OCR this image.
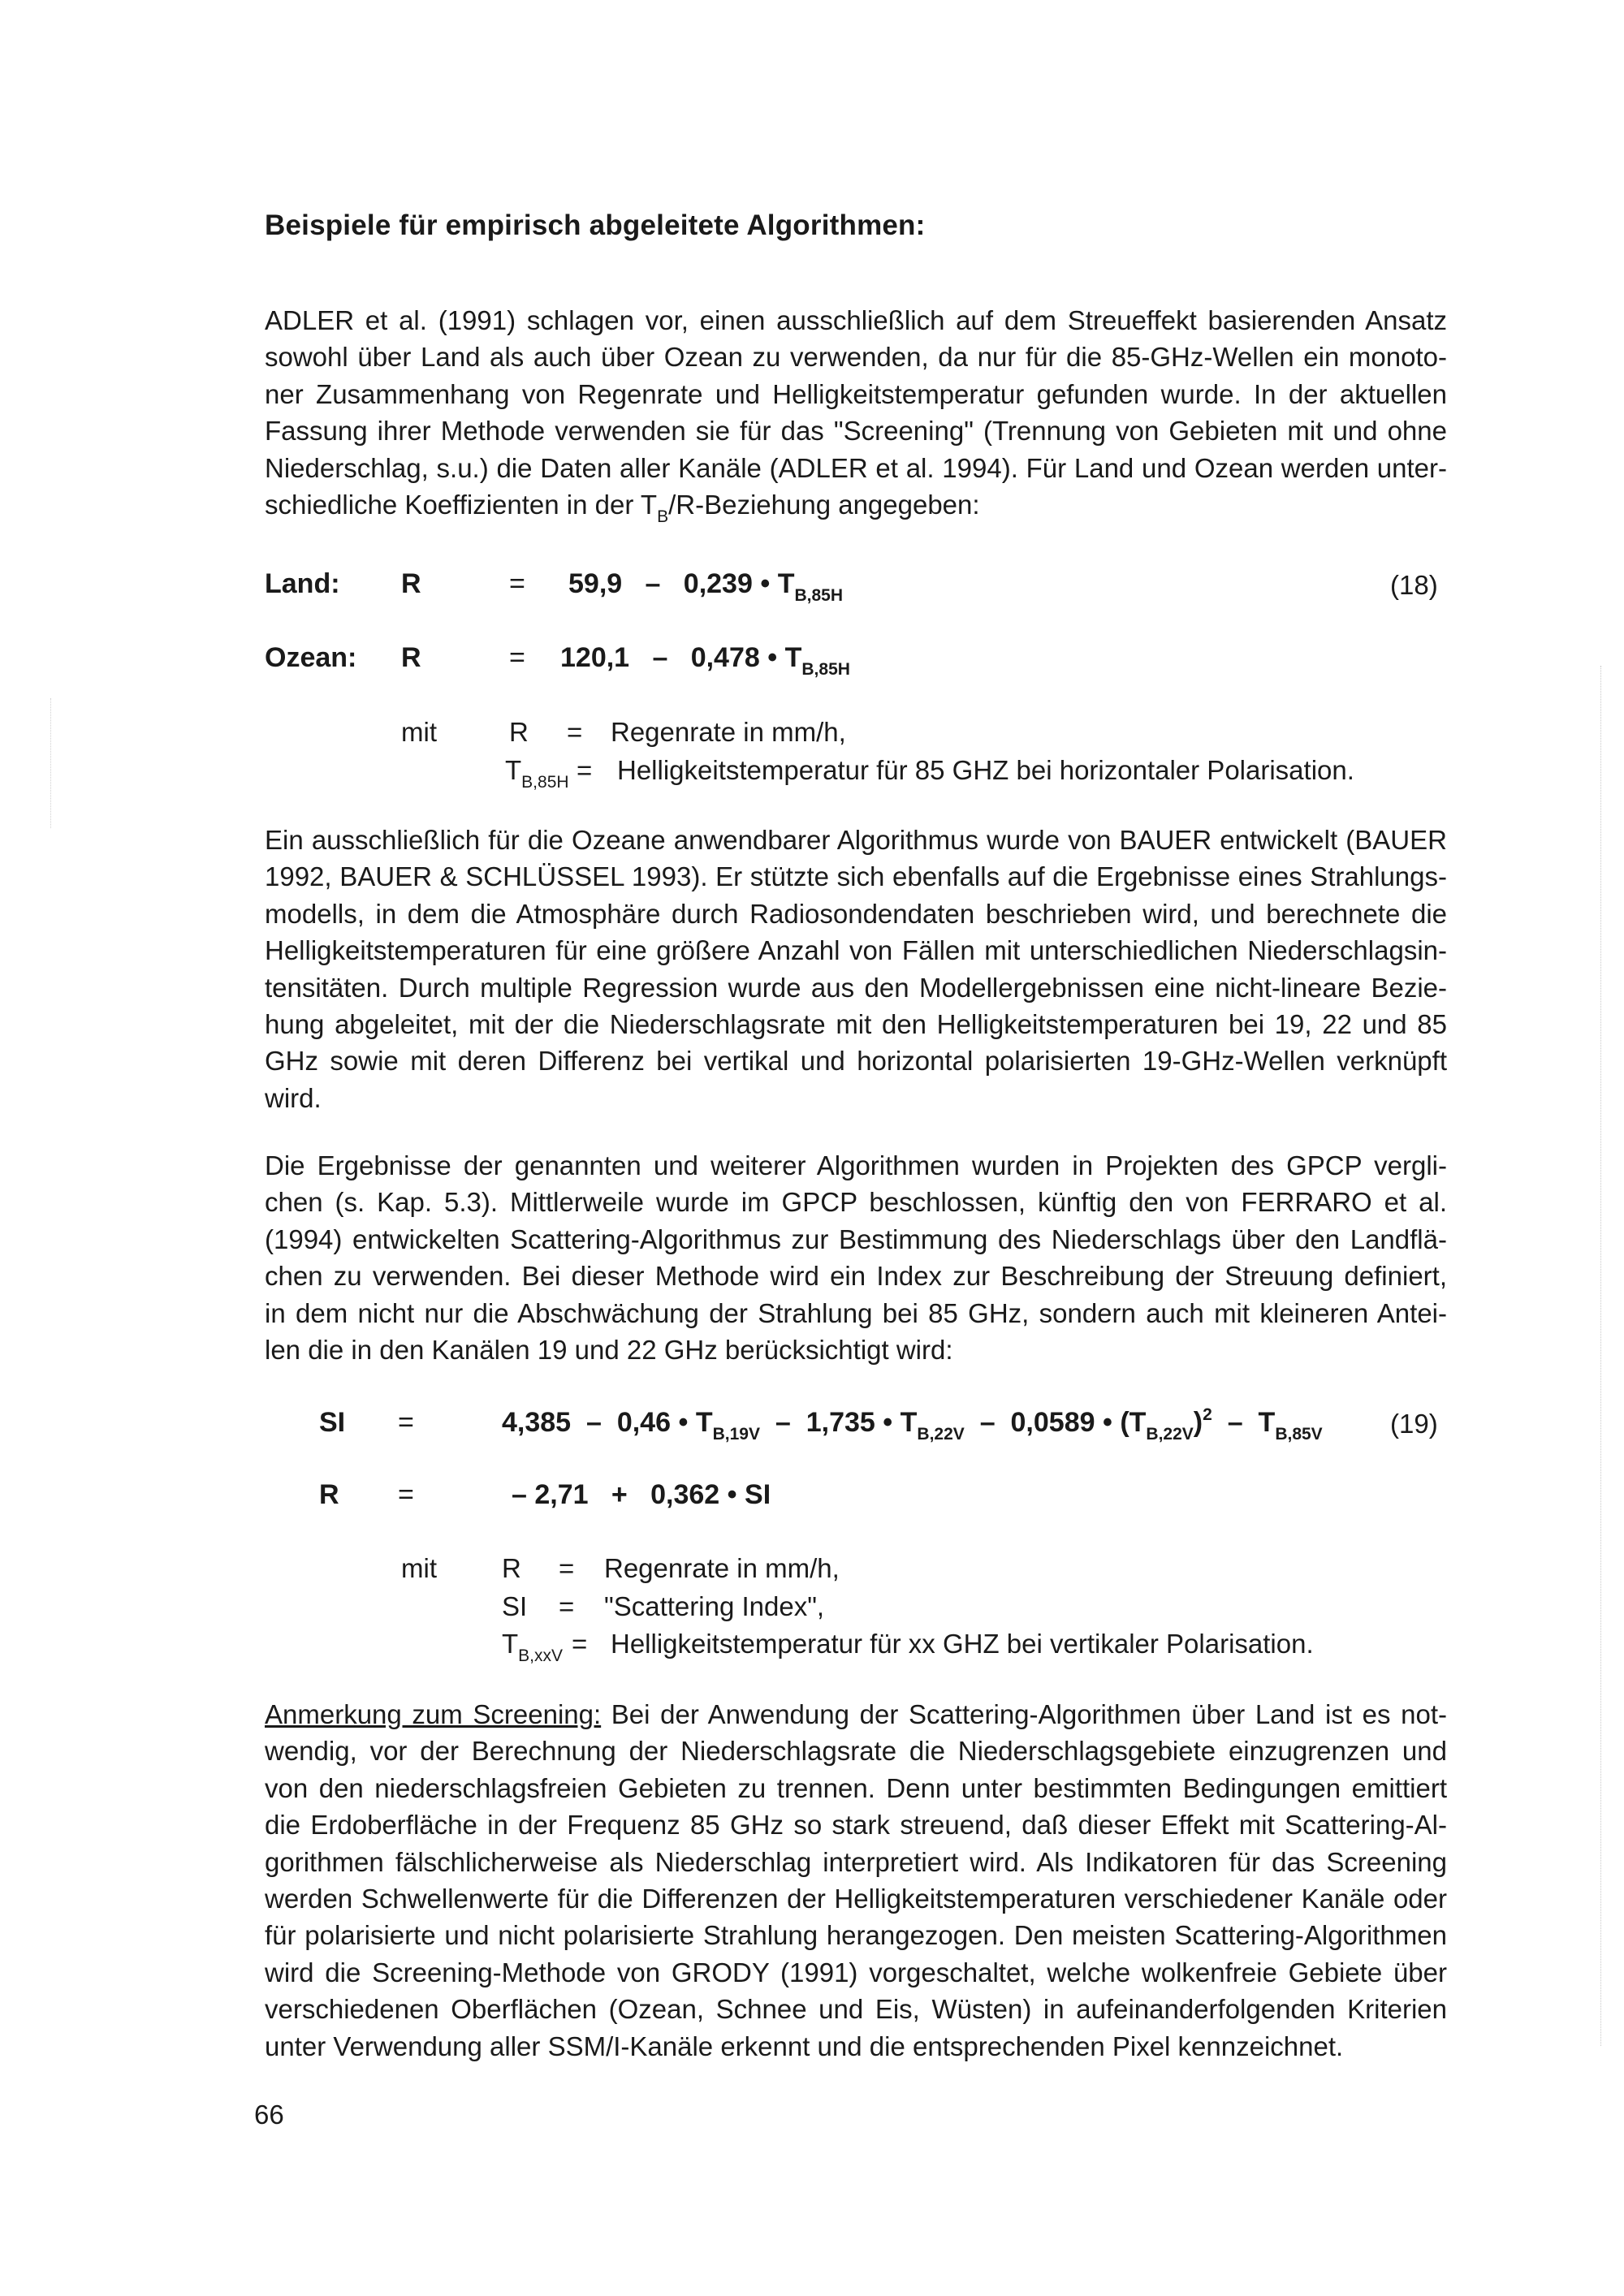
Beispiele für empirisch abgeleitete Algorithmen:

ADLER et al. (1991) schlagen vor, einen ausschließlich auf dem Streueffekt basierenden Ansatz

sowohl über Land als auch über Ozean zu verwenden, da nur für die 85-GHz-Wellen ein monoto-

ner Zusammenhang von Regenrate und Helligkeitstemperatur gefunden wurde. In der aktuellen

Fassung ihrer Methode verwenden sie für das "Screening" (Trennung von Gebieten mit und ohne

Niederschlag, s.u.) die Daten aller Kanäle (ADLER et al. 1994). Für Land und Ozean werden unter-

schiedliche Koeffizienten in der $T_B/R$-Beziehung angegeben:

Land: R	= 59,9 – 0,239 • $T_{B,85H}$	(18)
Ozean: R	= 120,1 – 0,478 • $T_{B,85H}$
mit	R = Regenrate in mm/h,
$T_{B,85H}$ = Helligkeitstemperatur für 85 GHZ bei horizontaler Polarisation.

Ein ausschließlich für die Ozeane anwendbarer Algorithmus wurde von BAUER entwickelt (BAUER

1992, BAUER & SCHLÜSSEL 1993). Er stützte sich ebenfalls auf die Ergebnisse eines Strahlungs-

modells, in dem die Atmosphäre durch Radiosondendaten beschrieben wird, und berechnete die

Helligkeitstemperaturen für eine größere Anzahl von Fällen mit unterschiedlichen Niederschlagsin-

tensitäten. Durch multiple Regression wurde aus den Modellergebnissen eine nicht-lineare Bezie-

hung abgeleitet, mit der die Niederschlagsrate mit den Helligkeitstemperaturen bei 19, 22 und 85

GHz sowie mit deren Differenz bei vertikal und horizontal polarisierten 19-GHz-Wellen verknüpft

wird.

Die Ergebnisse der genannten und weiterer Algorithmen wurden in Projekten des GPCP vergli-

chen (s. Kap. 5.3). Mittlerweile wurde im GPCP beschlossen, künftig den von FERRARO et al.

(1994) entwickelten Scattering-Algorithmus zur Bestimmung des Niederschlags über den Landflä-

chen zu verwenden. Bei dieser Methode wird ein Index zur Beschreibung der Streuung definiert,

in dem nicht nur die Abschwächung der Strahlung bei 85 GHz, sondern auch mit kleineren Antei-

len die in den Kanälen 19 und 22 GHz berücksichtigt wird:

SI =	4,385 – 0,46 • $T_{B,19V} - 1,735$ • $T_{B,22V} - 0,0589$ • $(T_{B,22V})^2 - T_{B,85V}$	(19)
R =	– 2,71 + 0,362 • SI
mit R = Regenrate in mm/h,
SI = "Scattering Index",
$T_{B,xxV}$ = Helligkeitstemperatur für xx GHZ bei vertikaler Polarisation.

Anmerkung zum Screening: Bei der Anwendung der Scattering-Algorithmen über Land ist es not-

wendig, vor der Berechnung der Niederschlagsrate die Niederschlagsgebiete einzugrenzen und

von den niederschlagsfreien Gebieten zu trennen. Denn unter bestimmten Bedingungen emittiert

die Erdoberfläche in der Frequenz 85 GHz so stark streuend, daß dieser Effekt mit Scattering-Al-

gorithmen fälschlicherweise als Niederschlag interpretiert wird. Als Indikatoren für das Screening

werden Schwellenwerte für die Differenzen der Helligkeitstemperaturen verschiedener Kanäle oder

für polarisierte und nicht polarisierte Strahlung herangezogen. Den meisten Scattering-Algorithmen

wird die Screening-Methode von GRODY (1991) vorgeschaltet, welche wolkenfreie Gebiete über

verschiedenen Oberflächen (Ozean, Schnee und Eis, Wüsten) in aufeinanderfolgenden Kriterien

unter Verwendung aller SSM/I-Kanäle erkennt und die entsprechenden Pixel kennzeichnet.

66
